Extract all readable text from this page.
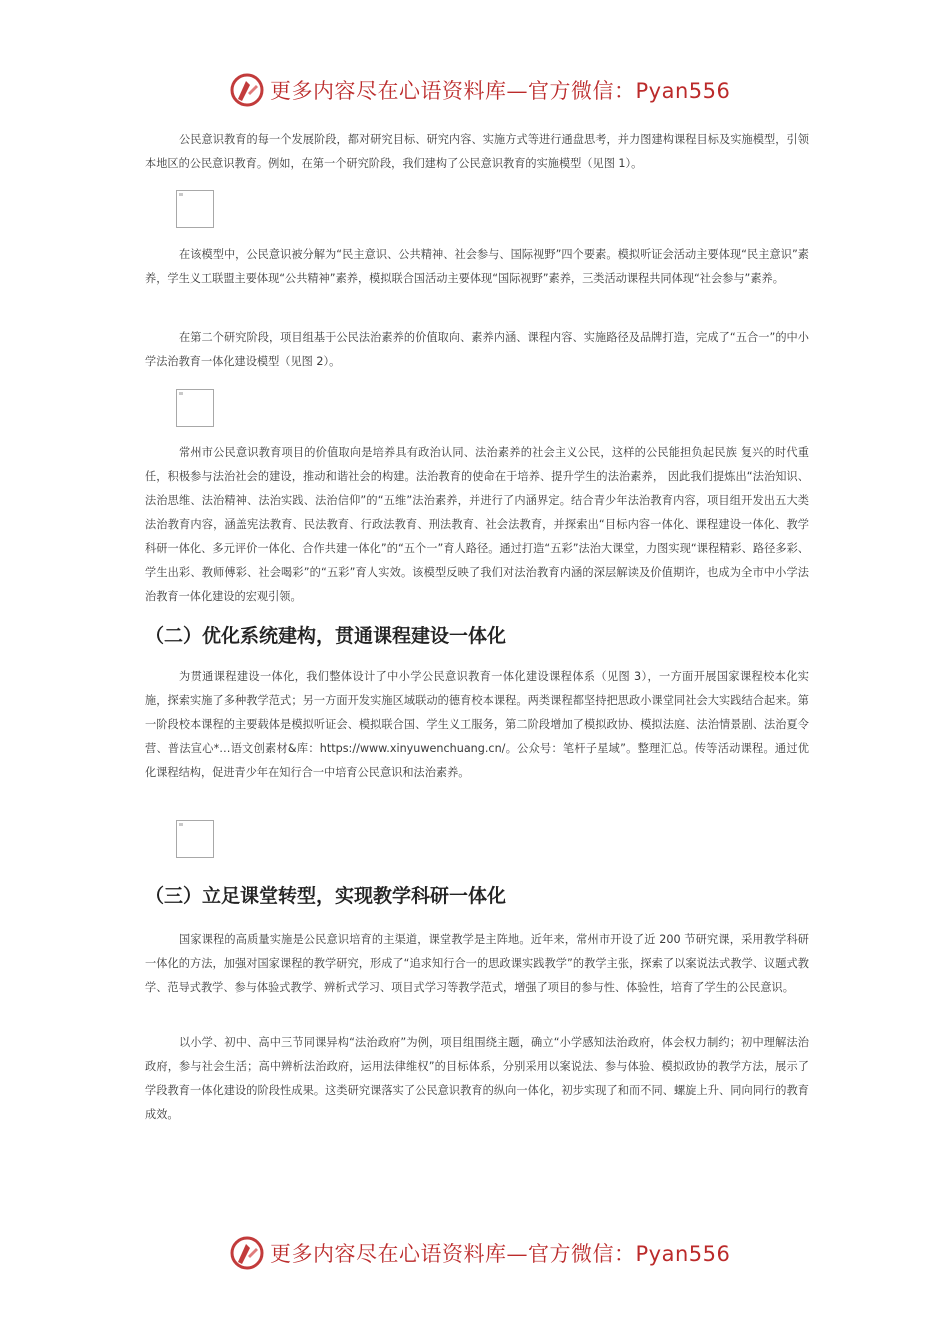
更多内容尽在心语资料库—官方微信：Pyan556

公民意识教育的每一个发展阶段，都对研究目标、研究内容、实施方式等进行通盘思考，并力图建构课程目标及实施模型，引领本地区的公民意识教育。例如，在第一个研究阶段，我们建构了公民意识教育的实施模型（见图 1）。

在该模型中，公民意识被分解为“民主意识、公共精神、社会参与、国际视野”四个要素。模拟听证会活动主要体现“民主意识”素养，学生义工联盟主要体现“公共精神”素养，模拟联合国活动主要体现“国际视野”素养，三类活动课程共同体现“社会参与”素养。

在第二个研究阶段，项目组基于公民法治素养的价值取向、素养内涵、课程内容、实施路径及品牌打造，完成了“五合一”的中小学法治教育一体化建设模型（见图 2）。

常州市公民意识教育项目的价值取向是培养具有政治认同、法治素养的社会主义公民，这样的公民能担负起民族 复兴的时代重任，积极参与法治社会的建设，推动和谐社会的构建。法治教育的使命在于培养、提升学生的法治素养， 因此我们提炼出“法治知识、法治思维、法治精神、法治实践、法治信仰”的“五维”法治素养，并进行了内涵界定。结合青少年法治教育内容，项目组开发出五大类法治教育内容，涵盖宪法教育、民法教育、行政法教育、刑法教育、社会法教育，并探索出“目标内容一体化、课程建设一体化、教学科研一体化、多元评价一体化、合作共建一体化”的“五个一”育人路径。通过打造“五彩”法治大课堂，力图实现“课程精彩、路径多彩、学生出彩、教师傅彩、社会喝彩”的“五彩”育人实效。该模型反映了我们对法治教育内涵的深层解读及价值期许，也成为全市中小学法治教育一体化建设的宏观引领。

（二）优化系统建构，贯通课程建设一体化

为贯通课程建设一体化，我们整体设计了中小学公民意识教育一体化建设课程体系（见图 3），一方面开展国家课程校本化实施，探索实施了多种教学范式；另一方面开发实施区域联动的德育校本课程。两类课程都坚持把思政小课堂同社会大实践结合起来。第一阶段校本课程的主要载体是模拟听证会、模拟联合国、学生义工服务，第二阶段增加了模拟政协、模拟法庭、法治情景剧、法治夏令营、普法宣心*…语文创素材&库：https://www.xinyuwenchuang.cn/。公众号：笔杆子星域”。整理汇总。传等活动课程。通过优化课程结构，促进青少年在知行合一中培育公民意识和法治素养。

（三）立足课堂转型，实现教学科研一体化

国家课程的高质量实施是公民意识培育的主渠道，课堂教学是主阵地。近年来，常州市开设了近 200 节研究课，采用教学科研一体化的方法，加强对国家课程的教学研究，形成了“追求知行合一的思政课实践教学”的教学主张，探索了以案说法式教学、议题式教学、范导式教学、参与体验式教学、辨析式学习、项目式学习等教学范式，增强了项目的参与性、体验性，培育了学生的公民意识。

以小学、初中、高中三节同课异构“法治政府”为例，项目组围绕主题，确立“小学感知法治政府，体会权力制约；初中理解法治政府，参与社会生活；高中辨析法治政府，运用法律维权”的目标体系，分别采用以案说法、参与体验、模拟政协的教学方法，展示了学段教育一体化建设的阶段性成果。这类研究课落实了公民意识教育的纵向一体化，初步实现了和而不同、螺旋上升、同向同行的教育成效。

更多内容尽在心语资料库—官方微信：Pyan556
